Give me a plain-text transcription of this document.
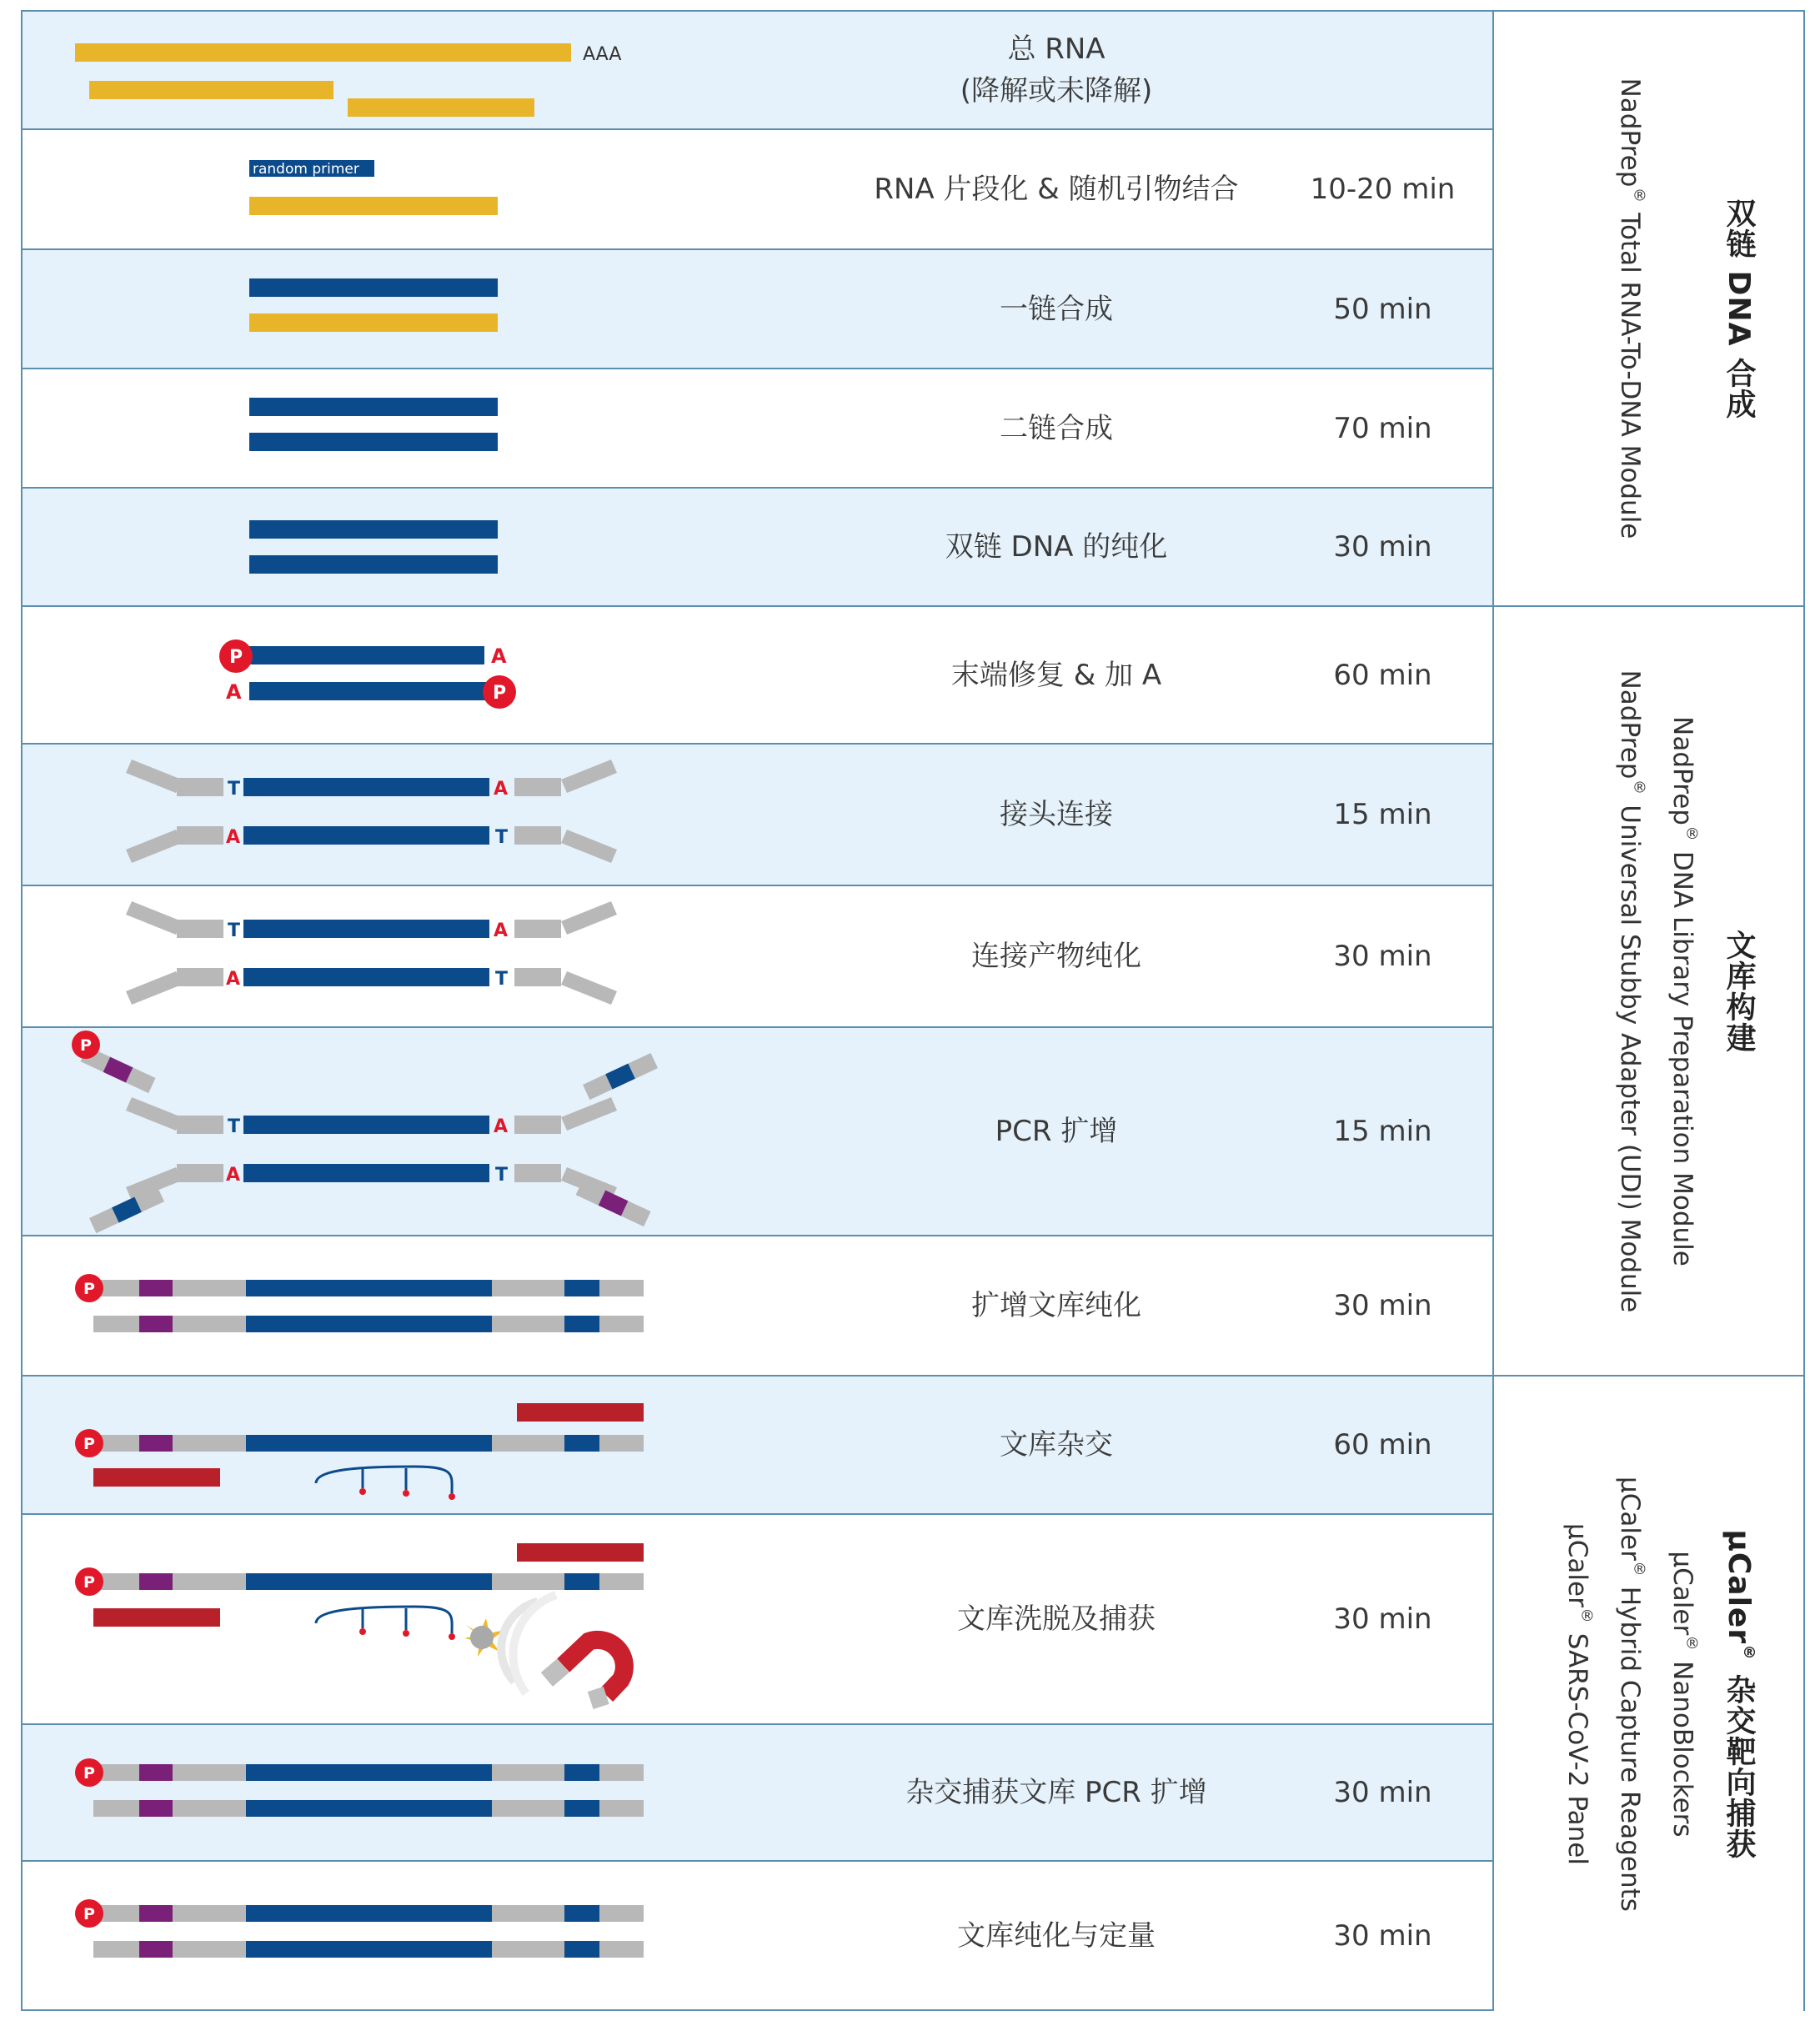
AAA	总 RNA
(降解或未降解)
random primer
RNA 片段化 & 随机引物结合	10-20 min
一链合成	50 min
二链合成	70 min
双链 DNA 的纯化	30 min
P	A
A	P
末端修复 & 加 A	60 min
T
A
A
T
接头连接	15 min
T
A
A
T
连接产物纯化	30 min
T
A
A
T
P
PCR 扩增	15 min
P	扩增文库纯化	30 min
P	文库杂交	60 min
P
文库洗脱及捕获	30 min
P
杂交捕获文库 PCR 扩增	30 min
P
文库纯化与定量	30 min
双链 DNA 合成
NadPrep® Total RNA-To-DNA Module
文库构建
NadPrep® DNA Library Preparation Module
NadPrep® Universal Stubby Adapter (UDI) Module
µCaler® 杂交靶向捕获
µCaler® NanoBlockers
µCaler® Hybrid Capture Reagents
µCaler® SARS-CoV-2 Panel
